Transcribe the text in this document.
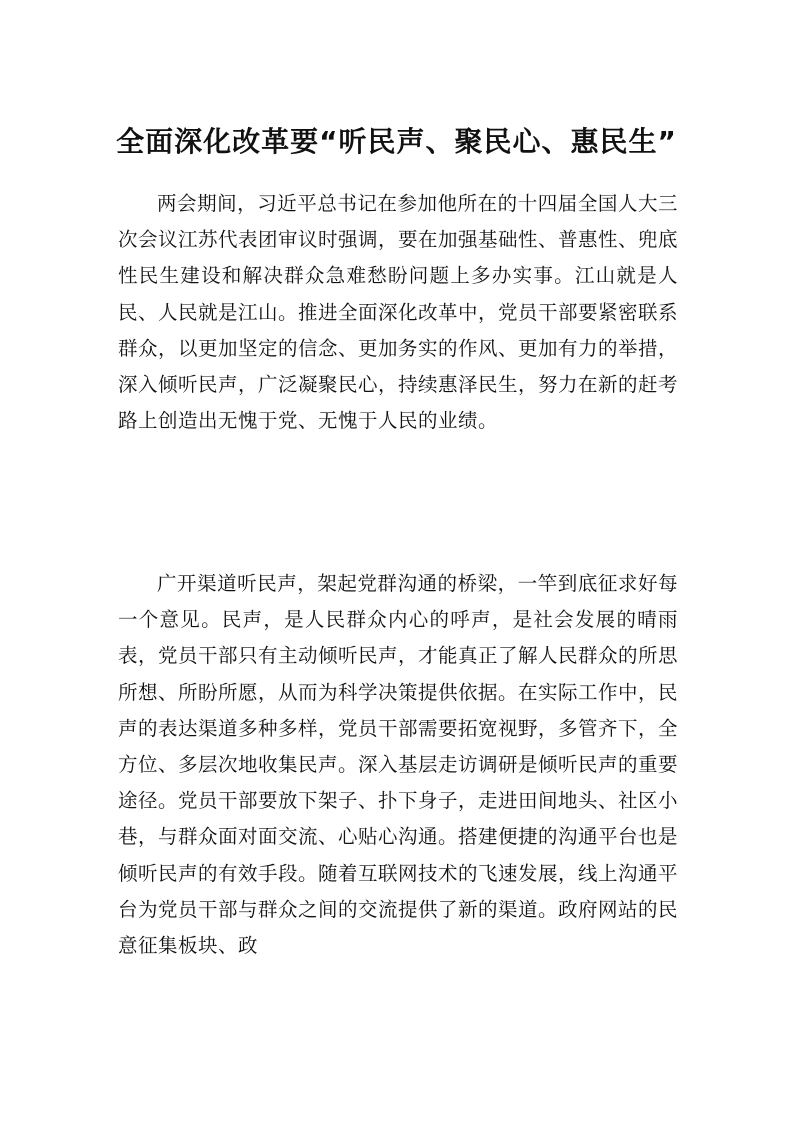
全面深化改革要“听民声、聚民心、惠民生”

两会期间，习近平总书记在参加他所在的十四届全国人大三次会议江苏代表团审议时强调，要在加强基础性、普惠性、兜底性民生建设和解决群众急难愁盼问题上多办实事。江山就是人民、人民就是江山。推进全面深化改革中，党员干部要紧密联系群众，以更加坚定的信念、更加务实的作风、更加有力的举措，深入倾听民声，广泛凝聚民心，持续惠泽民生，努力在新的赶考路上创造出无愧于党、无愧于人民的业绩。

广开渠道听民声，架起党群沟通的桥梁，一竿到底征求好每一个意见。民声，是人民群众内心的呼声，是社会发展的晴雨表，党员干部只有主动倾听民声，才能真正了解人民群众的所思所想、所盼所愿，从而为科学决策提供依据。在实际工作中，民声的表达渠道多种多样，党员干部需要拓宽视野，多管齐下，全方位、多层次地收集民声。深入基层走访调研是倾听民声的重要途径。党员干部要放下架子、扑下身子，走进田间地头、社区小巷，与群众面对面交流、心贴心沟通。搭建便捷的沟通平台也是倾听民声的有效手段。随着互联网技术的飞速发展，线上沟通平台为党员干部与群众之间的交流提供了新的渠道。政府网站的民意征集板块、政
